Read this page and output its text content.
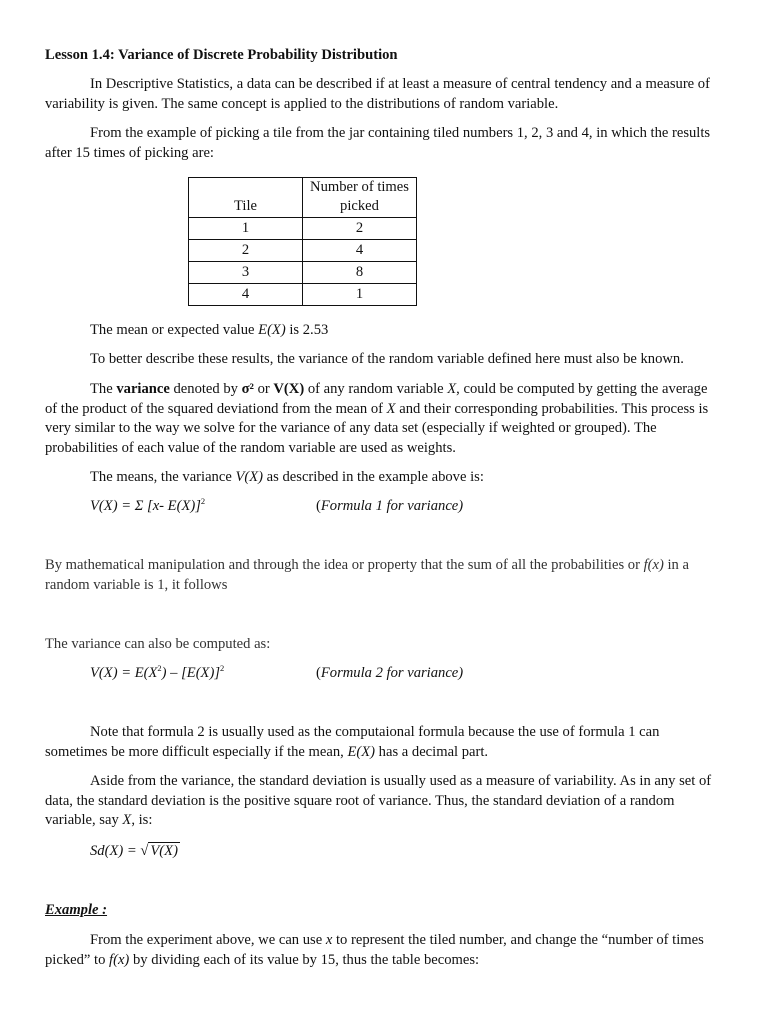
Lesson 1.4: Variance of Discrete Probability Distribution

In Descriptive Statistics, a data can be described if at least a measure of central tendency and a measure of variability is given. The same concept is applied to the distributions of random variable.

From the example of picking a tile from the jar containing tiled numbers 1, 2, 3 and 4, in which the results after 15 times of picking are:

Tile	Number of times picked
1	2
2	4
3	8
4	1

The mean or expected value E(X) is 2.53

To better describe these results, the variance of the random variable defined here must also be known.

The variance denoted by σ² or V(X) of any random variable X, could be computed by getting the average of the product of the squared deviationd from the mean of X and their corresponding probabilities. This process is very similar to the way we solve for the variance of any data set (especially if weighted or grouped). The probabilities of each value of the random variable are used as weights.

The means, the variance V(X) as described in the example above is:

V(X) = Σ [x- E(X)]$^2$	(Formula 1 for variance)

By mathematical manipulation and through the idea or property that the sum of all the probabilities or f(x) in a random variable is 1, it follows

The variance can also be computed as:

$V(X) = E(X^2) - [E(X)]^2$	(Formula 2 for variance)

Note that formula 2 is usually used as the computaional formula because the use of formula 1 can sometimes be more difficult especially if the mean, E(X) has a decimal part.

Aside from the variance, the standard deviation is usually used as a measure of variability. As in any set of data, the standard deviation is the positive square root of variance. Thus, the standard deviation of a random variable, say X, is:

Sd(X) = √ V(X)

Example :

From the experiment above, we can use x to represent the tiled number, and change the “number of times picked” to f(x) by dividing each of its value by 15, thus the table becomes:
